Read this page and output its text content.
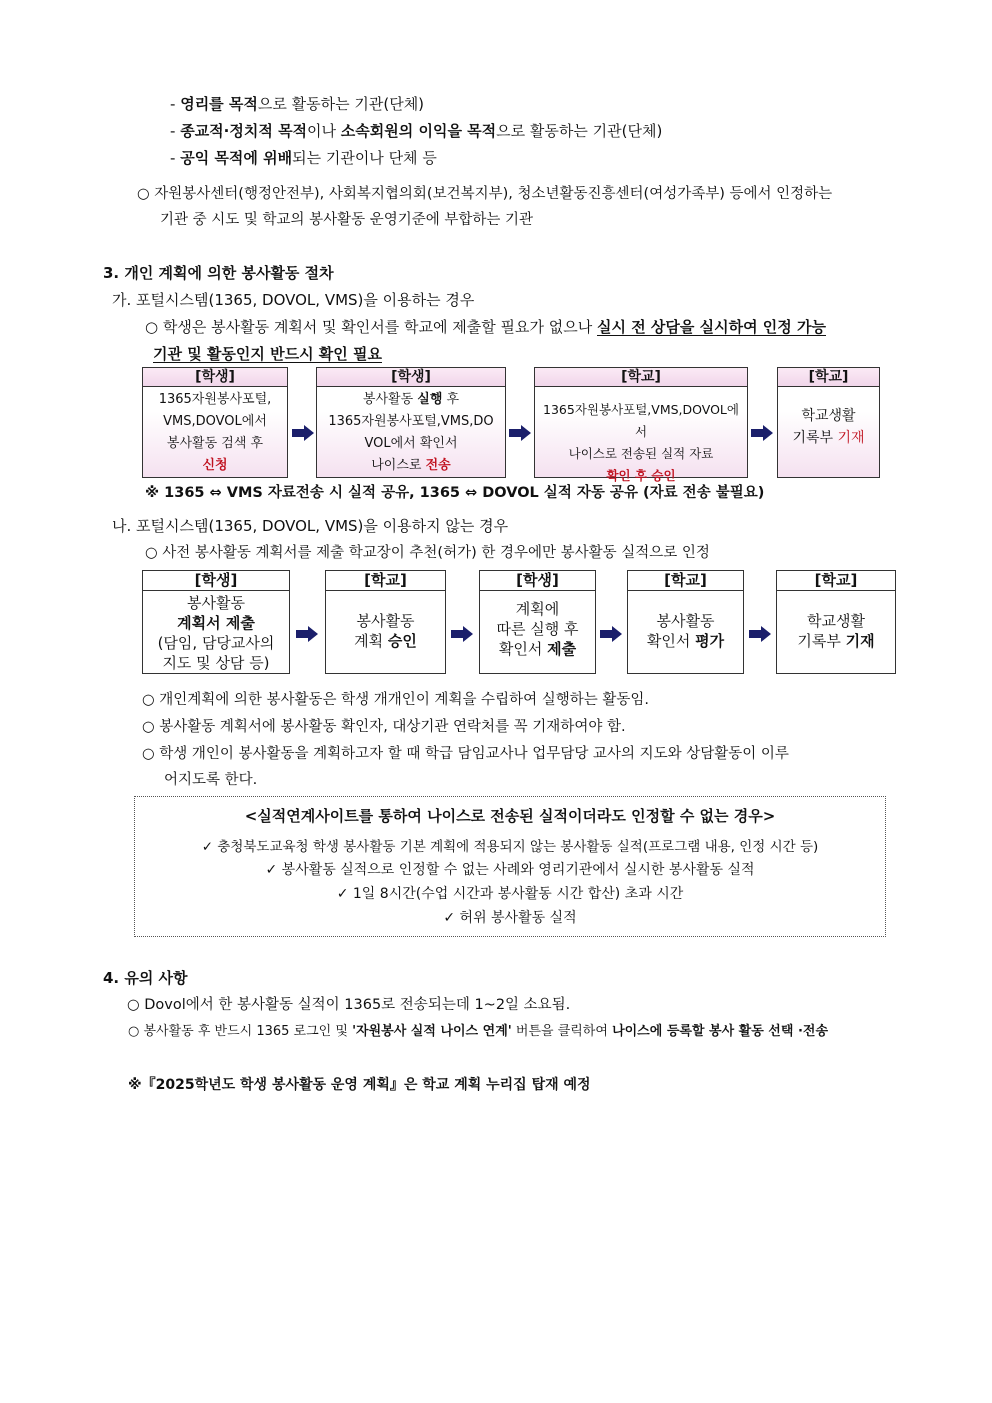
- 영리를 목적으로 활동하는 기관(단체)
- 종교적·정치적 목적이나 소속회원의 이익을 목적으로 활동하는 기관(단체)
- 공익 목적에 위배되는 기관이나 단체 등
○ 자원봉사센터(행정안전부), 사회복지협의회(보건복지부), 청소년활동진흥센터(여성가족부) 등에서 인정하는
기관 중 시도 및 학교의 봉사활동 운영기준에 부합하는 기관
3. 개인 계획에 의한 봉사활동 절차
가. 포털시스템(1365, DOVOL, VMS)을 이용하는 경우
○ 학생은 봉사활동 계획서 및 확인서를 학교에 제출할 필요가 없으나 실시 전 상담을 실시하여 인정 가능
기관 및 활동인지 반드시 확인 필요
[학생]
1365자원봉사포털,
VMS,DOVOL에서
봉사활동 검색 후
신청
[학생]
봉사활동 실행 후
1365자원봉사포털,VMS,DO
VOL에서 확인서
나이스로 전송
[학교]
1365자원봉사포털,VMS,DOVOL에서
나이스로 전송된 실적 자료
확인 후 승인
[학교]
학교생활
기록부 기재
※ 1365 ⇔ VMS 자료전송 시 실적 공유, 1365 ⇔ DOVOL 실적 자동 공유 (자료 전송 불필요)
나. 포털시스템(1365, DOVOL, VMS)을 이용하지 않는 경우
○ 사전 봉사활동 계획서를 제출 학교장이 추천(허가) 한 경우에만 봉사활동 실적으로 인정
[학생]
봉사활동
계획서 제출
(담임, 담당교사의
지도 및 상담 등)
[학교]
봉사활동
계획 승인
[학생]
계획에
따른 실행 후
확인서 제출
[학교]
봉사활동
확인서 평가
[학교]
학교생활
기록부 기재
○ 개인계획에 의한 봉사활동은 학생 개개인이 계획을 수립하여 실행하는 활동임.
○ 봉사활동 계획서에 봉사활동 확인자, 대상기관 연락처를 꼭 기재하여야 함.
○ 학생 개인이 봉사활동을 계획하고자 할 때 학급 담임교사나 업무담당 교사의 지도와 상담활동이 이루
어지도록 한다.
<실적연계사이트를 통하여 나이스로 전송된 실적이더라도 인정할 수 없는 경우>
✓ 충청북도교육청 학생 봉사활동 기본 계획에 적용되지 않는 봉사활동 실적(프로그램 내용, 인정 시간 등)
✓ 봉사활동 실적으로 인정할 수 없는 사례와 영리기관에서 실시한 봉사활동 실적
✓ 1일 8시간(수업 시간과 봉사활동 시간 합산) 초과 시간
✓ 허위 봉사활동 실적
4. 유의 사항
○ Dovol에서 한 봉사활동 실적이 1365로 전송되는데 1~2일 소요됨.
○ 봉사활동 후 반드시 1365 로그인 및 '자원봉사 실적 나이스 연계' 버튼을 클릭하여 나이스에 등록할 봉사 활동 선택 ·전송
※『2025학년도 학생 봉사활동 운영 계획』은 학교 계획 누리집 탑재 예정
